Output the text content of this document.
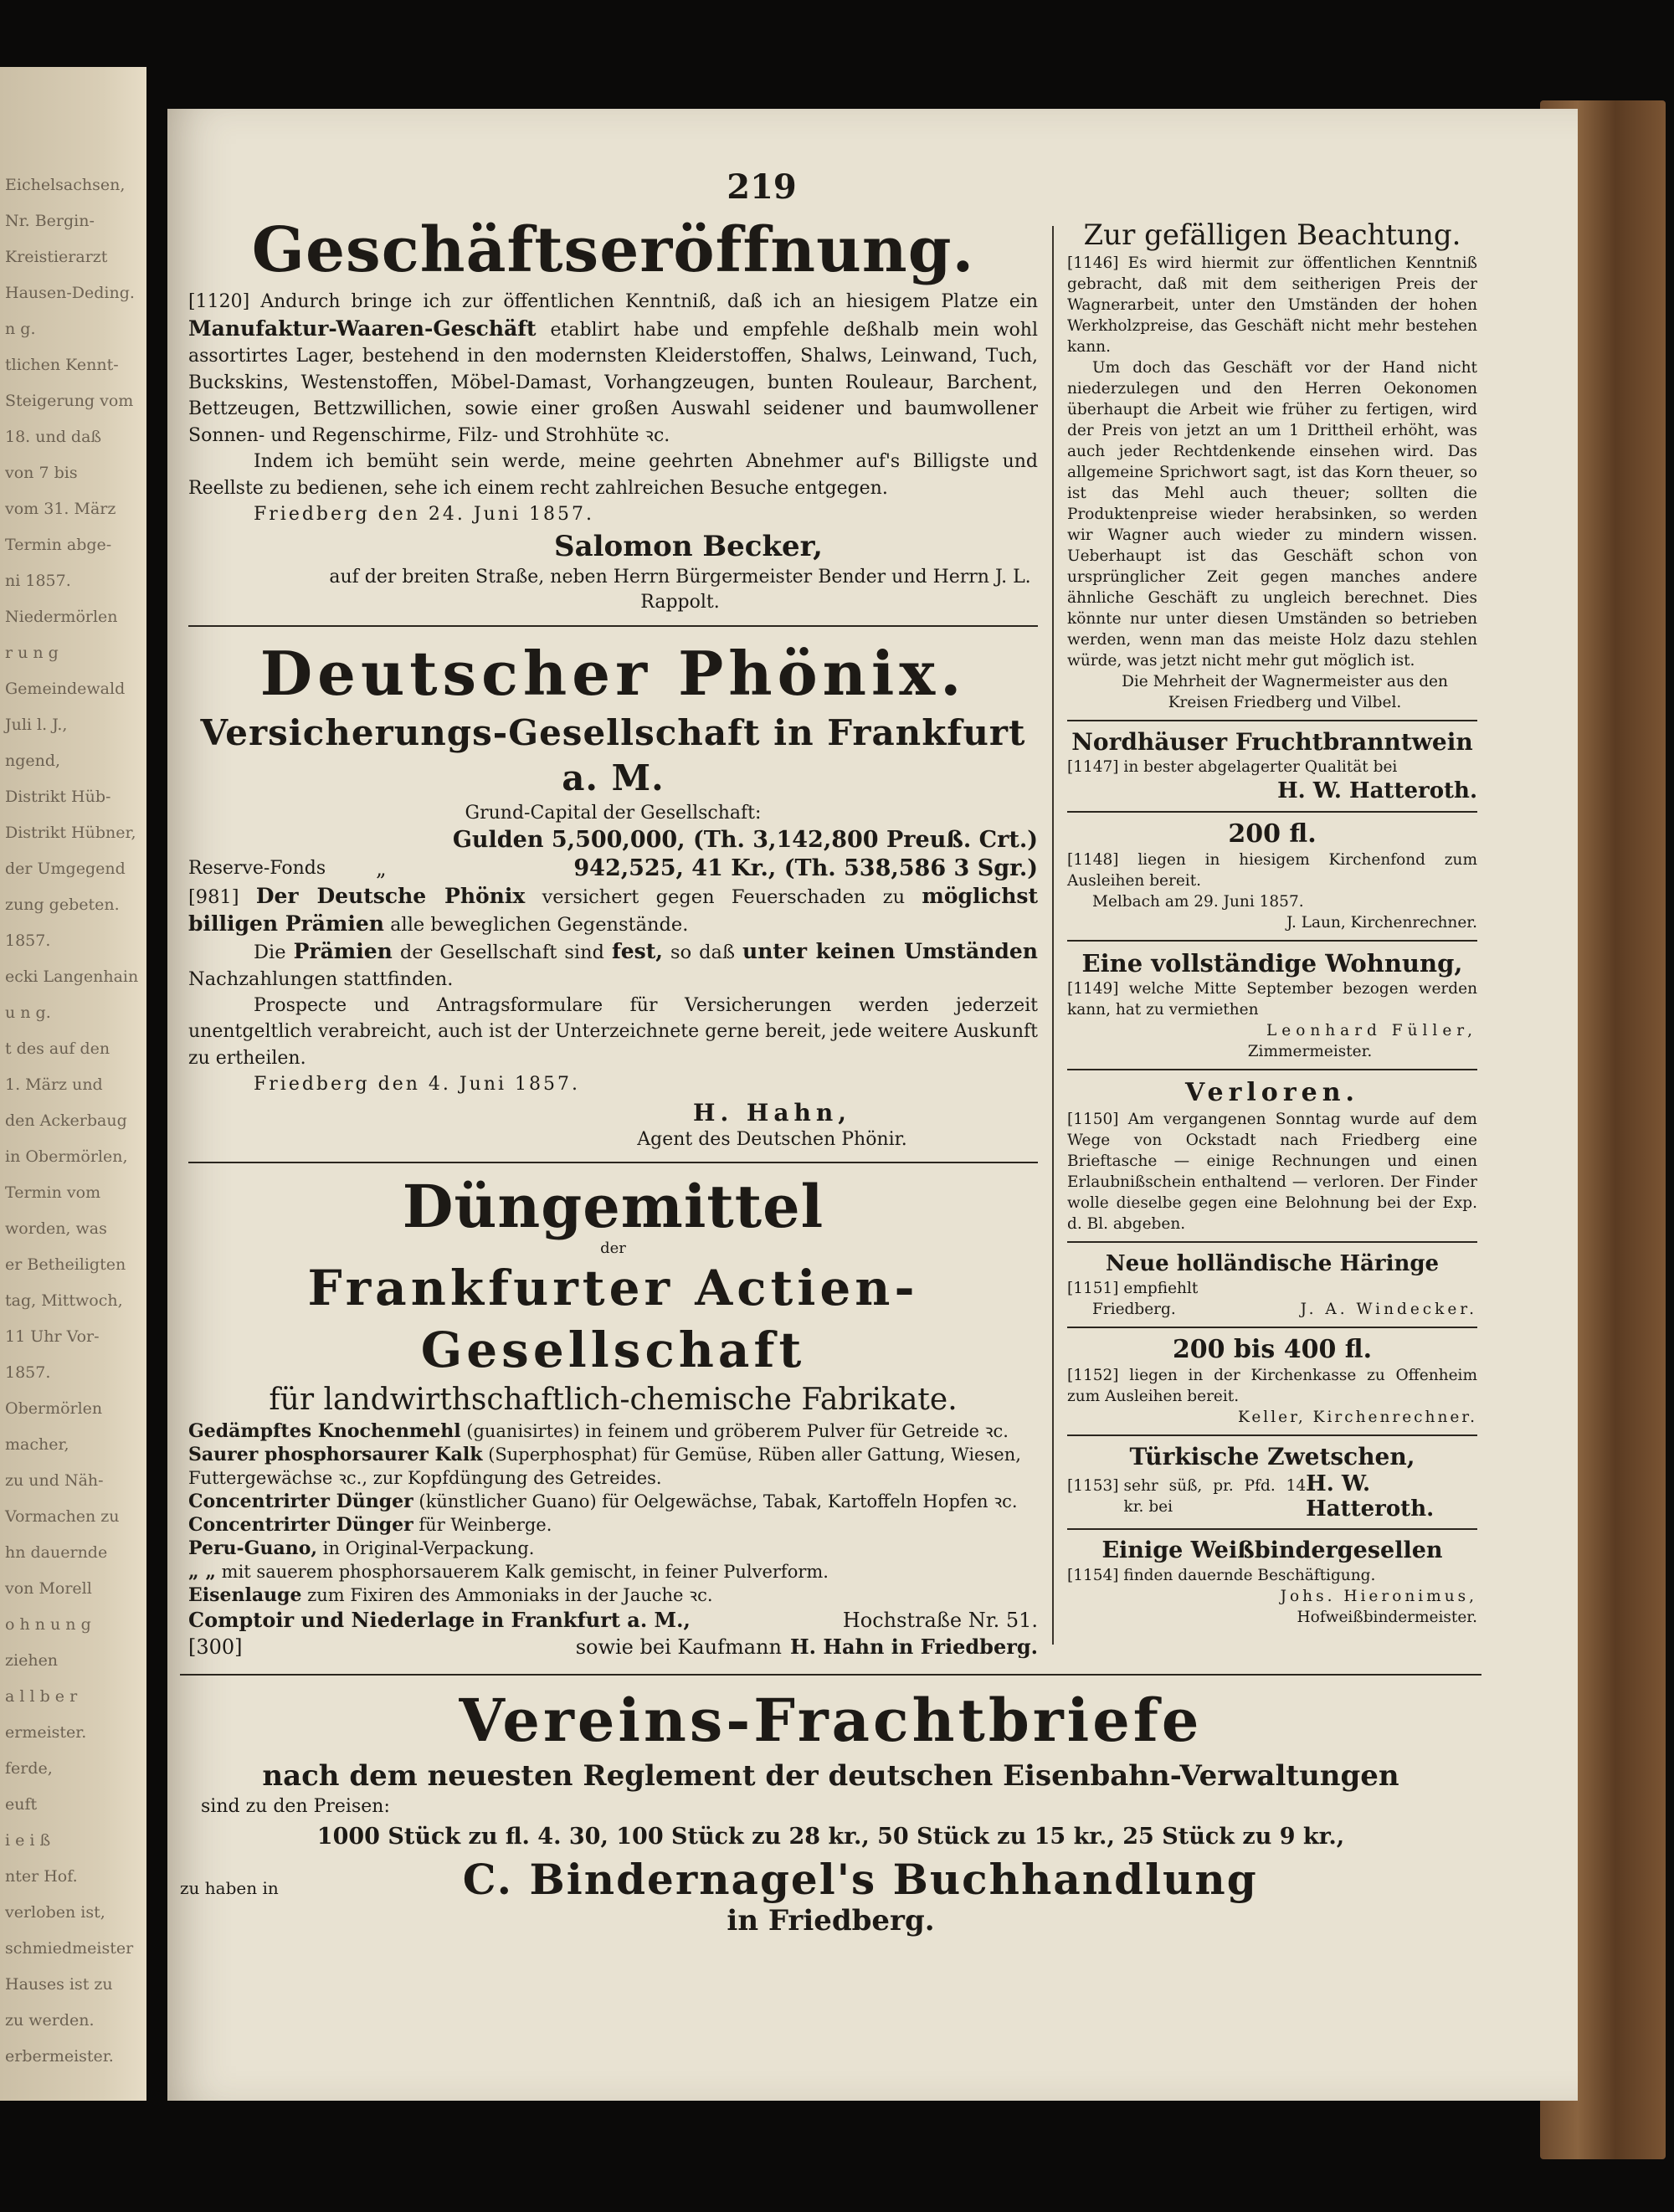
Eichelsachsen,
Nr. Bergin-
Kreistierarzt
Hausen-Deding.
n g.
tlichen Kennt-
Steigerung vom
18. und daß
von 7 bis
vom 31. März
Termin abge-
ni 1857.
Niedermörlen
r u n g
Gemeindewald
Juli l. J.,
ngend,
Distrikt Hüb-
Distrikt Hübner,
der Umgegend
zung gebeten.
1857.
ecki Langenhain
u n g.
t des auf den
1. März und
den Ackerbaug
in Obermörlen,
Termin vom
worden, was
er Betheiligten
tag, Mittwoch,
11 Uhr Vor-
1857.
Obermörlen
macher,
zu und Näh-
Vormachen zu
hn dauernde
von Morell
o h n u n g
ziehen
a l l b e r
ermeister.
ferde,
euft
i e i ß
nter Hof.
verloben ist,
schmiedmeister
Hauses ist zu
zu werden.
erbermeister.
219
Geschäftseröffnung.

[1120] Andurch bringe ich zur öffentlichen Kenntniß, daß ich an hiesigem Platze ein Manufaktur-Waaren-Geschäft etablirt habe und empfehle deßhalb mein wohl assortirtes Lager, bestehend in den modernsten Kleiderstoffen, Shalws, Leinwand, Tuch, Buckskins, Westenstoffen, Möbel-Damast, Vorhangzeugen, bunten Rouleaur, Barchent, Bettzeugen, Bettzwillichen, sowie einer großen Auswahl seidener und baumwollener Sonnen- und Regenschirme, Filz- und Strohhüte ꝛc.

Indem ich bemüht sein werde, meine geehrten Abnehmer auf's Billigste und Reellste zu bedienen, sehe ich einem recht zahlreichen Besuche entgegen.

Friedberg den 24. Juni 1857.

Salomon Becker,
auf der breiten Straße, neben Herrn Bürgermeister Bender und Herrn J. L. Rappolt.
Deutscher Phönix.
Versicherungs-Gesellschaft in Frankfurt a. M.
Grund-Capital der Gesellschaft:
Gulden 5,500,000, (Th. 3,142,800 Preuß. Crt.)
Reserve-Fonds	„	942,525, 41 Kr., (Th. 538,586 3 Sgr.)

[981] Der Deutsche Phönix versichert gegen Feuerschaden zu möglichst billigen Prämien alle beweglichen Gegenstände.

Die Prämien der Gesellschaft sind fest, so daß unter keinen Umständen Nachzahlungen stattfinden.

Prospecte und Antragsformulare für Versicherungen werden jederzeit unentgeltlich verabreicht, auch ist der Unterzeichnete gerne bereit, jede weitere Auskunft zu ertheilen.

Friedberg den 4. Juni 1857.

H. Hahn,
Agent des Deutschen Phönir.
Düngemittel
der
Frankfurter Actien-Gesellschaft
für landwirthschaftlich-chemische Fabrikate.
Gedämpftes Knochenmehl (guanisirtes) in feinem und gröberem Pulver für Getreide ꝛc.
Saurer phosphorsaurer Kalk (Superphosphat) für Gemüse, Rüben aller Gattung, Wiesen, Futtergewächse ꝛc., zur Kopfdüngung des Getreides.
Concentrirter Dünger (künstlicher Guano) für Oelgewächse, Tabak, Kartoffeln Hopfen ꝛc.
Concentrirter Dünger für Weinberge.
Peru-Guano, in Original-Verpackung.
„ „ mit sauerem phosphorsauerem Kalk gemischt, in feiner Pulverform.
Eisenlauge zum Fixiren des Ammoniaks in der Jauche ꝛc.
Comptoir und Niederlage in Frankfurt a. M.,	Hochstraße Nr. 51.
[300]	sowie bei Kaufmann H. Hahn in Friedberg.
Zur gefälligen Beachtung.

[1146] Es wird hiermit zur öffentlichen Kenntniß gebracht, daß mit dem seitherigen Preis der Wagnerarbeit, unter den Umständen der hohen Werkholzpreise, das Geschäft nicht mehr bestehen kann.

Um doch das Geschäft vor der Hand nicht niederzulegen und den Herren Oekonomen überhaupt die Arbeit wie früher zu fertigen, wird der Preis von jetzt an um 1 Drittheil erhöht, was auch jeder Rechtdenkende einsehen wird. Das allgemeine Sprichwort sagt, ist das Korn theuer, so ist das Mehl auch theuer; sollten die Produktenpreise wieder herabsinken, so werden wir Wagner auch wieder zu mindern wissen. Ueberhaupt ist das Geschäft schon von ursprünglicher Zeit gegen manches andere ähnliche Geschäft zu ungleich berechnet. Dies könnte nur unter diesen Umständen so betrieben werden, wenn man das meiste Holz dazu stehlen würde, was jetzt nicht mehr gut möglich ist.

Die Mehrheit der Wagnermeister aus den Kreisen Friedberg und Vilbel.

Nordhäuser Fruchtbranntwein

[1147] in bester abgelagerter Qualität bei

H. W. Hatteroth.
200 fl.

[1148] liegen in hiesigem Kirchenfond zum Ausleihen bereit.

Melbach am 29. Juni 1857.

J. Laun, Kirchenrechner.

Eine vollständige Wohnung,

[1149] welche Mitte September bezogen werden kann, hat zu vermiethen

Leonhard Füller,

Zimmermeister.

Verloren.

[1150] Am vergangenen Sonntag wurde auf dem Wege von Ockstadt nach Friedberg eine Brieftasche — einige Rechnungen und einen Erlaubnißschein enthaltend — verloren. Der Finder wolle dieselbe gegen eine Belohnung bei der Exp. d. Bl. abgeben.

Neue holländische Häringe

[1151] empfiehlt

Friedberg.	J. A. Windecker.
200 bis 400 fl.

[1152] liegen in der Kirchenkasse zu Offenheim zum Ausleihen bereit.

Keller, Kirchenrechner.

Türkische Zwetschen,
[1153] sehr süß, pr. Pfd. 14 kr. bei
H. W. Hatteroth.
Einige Weißbindergesellen

[1154] finden dauernde Beschäftigung.

Johs. Hieronimus,

Hofweißbindermeister.

Vereins-Frachtbriefe
nach dem neuesten Reglement der deutschen Eisenbahn-Verwaltungen
sind zu den Preisen:
1000 Stück zu fl. 4. 30, 100 Stück zu 28 kr., 50 Stück zu 15 kr., 25 Stück zu 9 kr.,
zu haben in	C. Bindernagel's Buchhandlung
in Friedberg.
